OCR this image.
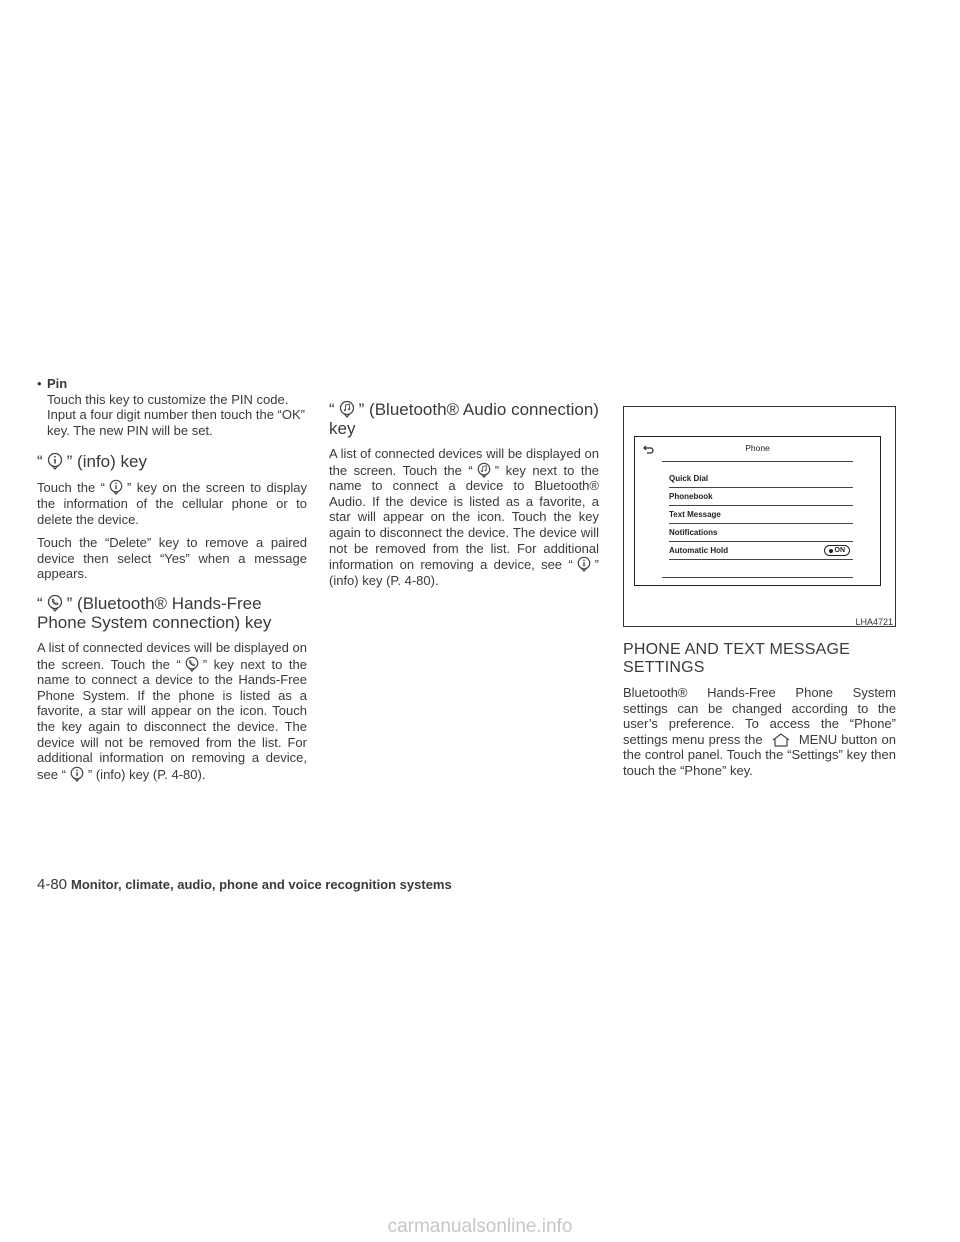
• Pin
Touch this key to customize the PIN code. Input a four digit number then touch the “OK” key. The new PIN will be set.
“ ” (info) key

Touch the “ ” key on the screen to display the information of the cellular phone or to delete the device.

Touch the “Delete” key to remove a paired device then select “Yes” when a message appears.

“ ” (Bluetooth® Hands-Free Phone System connection) key

A list of connected devices will be displayed on the screen. Touch the “ ” key next to the name to connect a device to the Hands-Free Phone System. If the phone is listed as a favorite, a star will appear on the icon. Touch the key again to disconnect the device. The device will not be removed from the list. For additional information on removing a device, see “ ” (info) key (P. 4-80).

“ ” (Bluetooth® Audio connection) key

A list of connected devices will be displayed on the screen. Touch the “ ” key next to the name to connect a device to Bluetooth® Audio. If the device is listed as a favorite, a star will appear on the icon. Touch the key again to disconnect the device. The device will not be removed from the list. For additional information on removing a device, see “ ” (info) key (P. 4-80).

Phone
Quick Dial
Phonebook
Text Message
Notifications
Automatic Hold	ON
LHA4721
PHONE AND TEXT MESSAGE SETTINGS

Bluetooth® Hands-Free Phone System settings can be changed according to the user’s preference. To access the “Phone” settings menu press the
MENU button on the control panel. Touch the “Settings” key then touch the “Phone” key.

4-80 Monitor, climate, audio, phone and voice recognition systems
carmanualsonline.info
